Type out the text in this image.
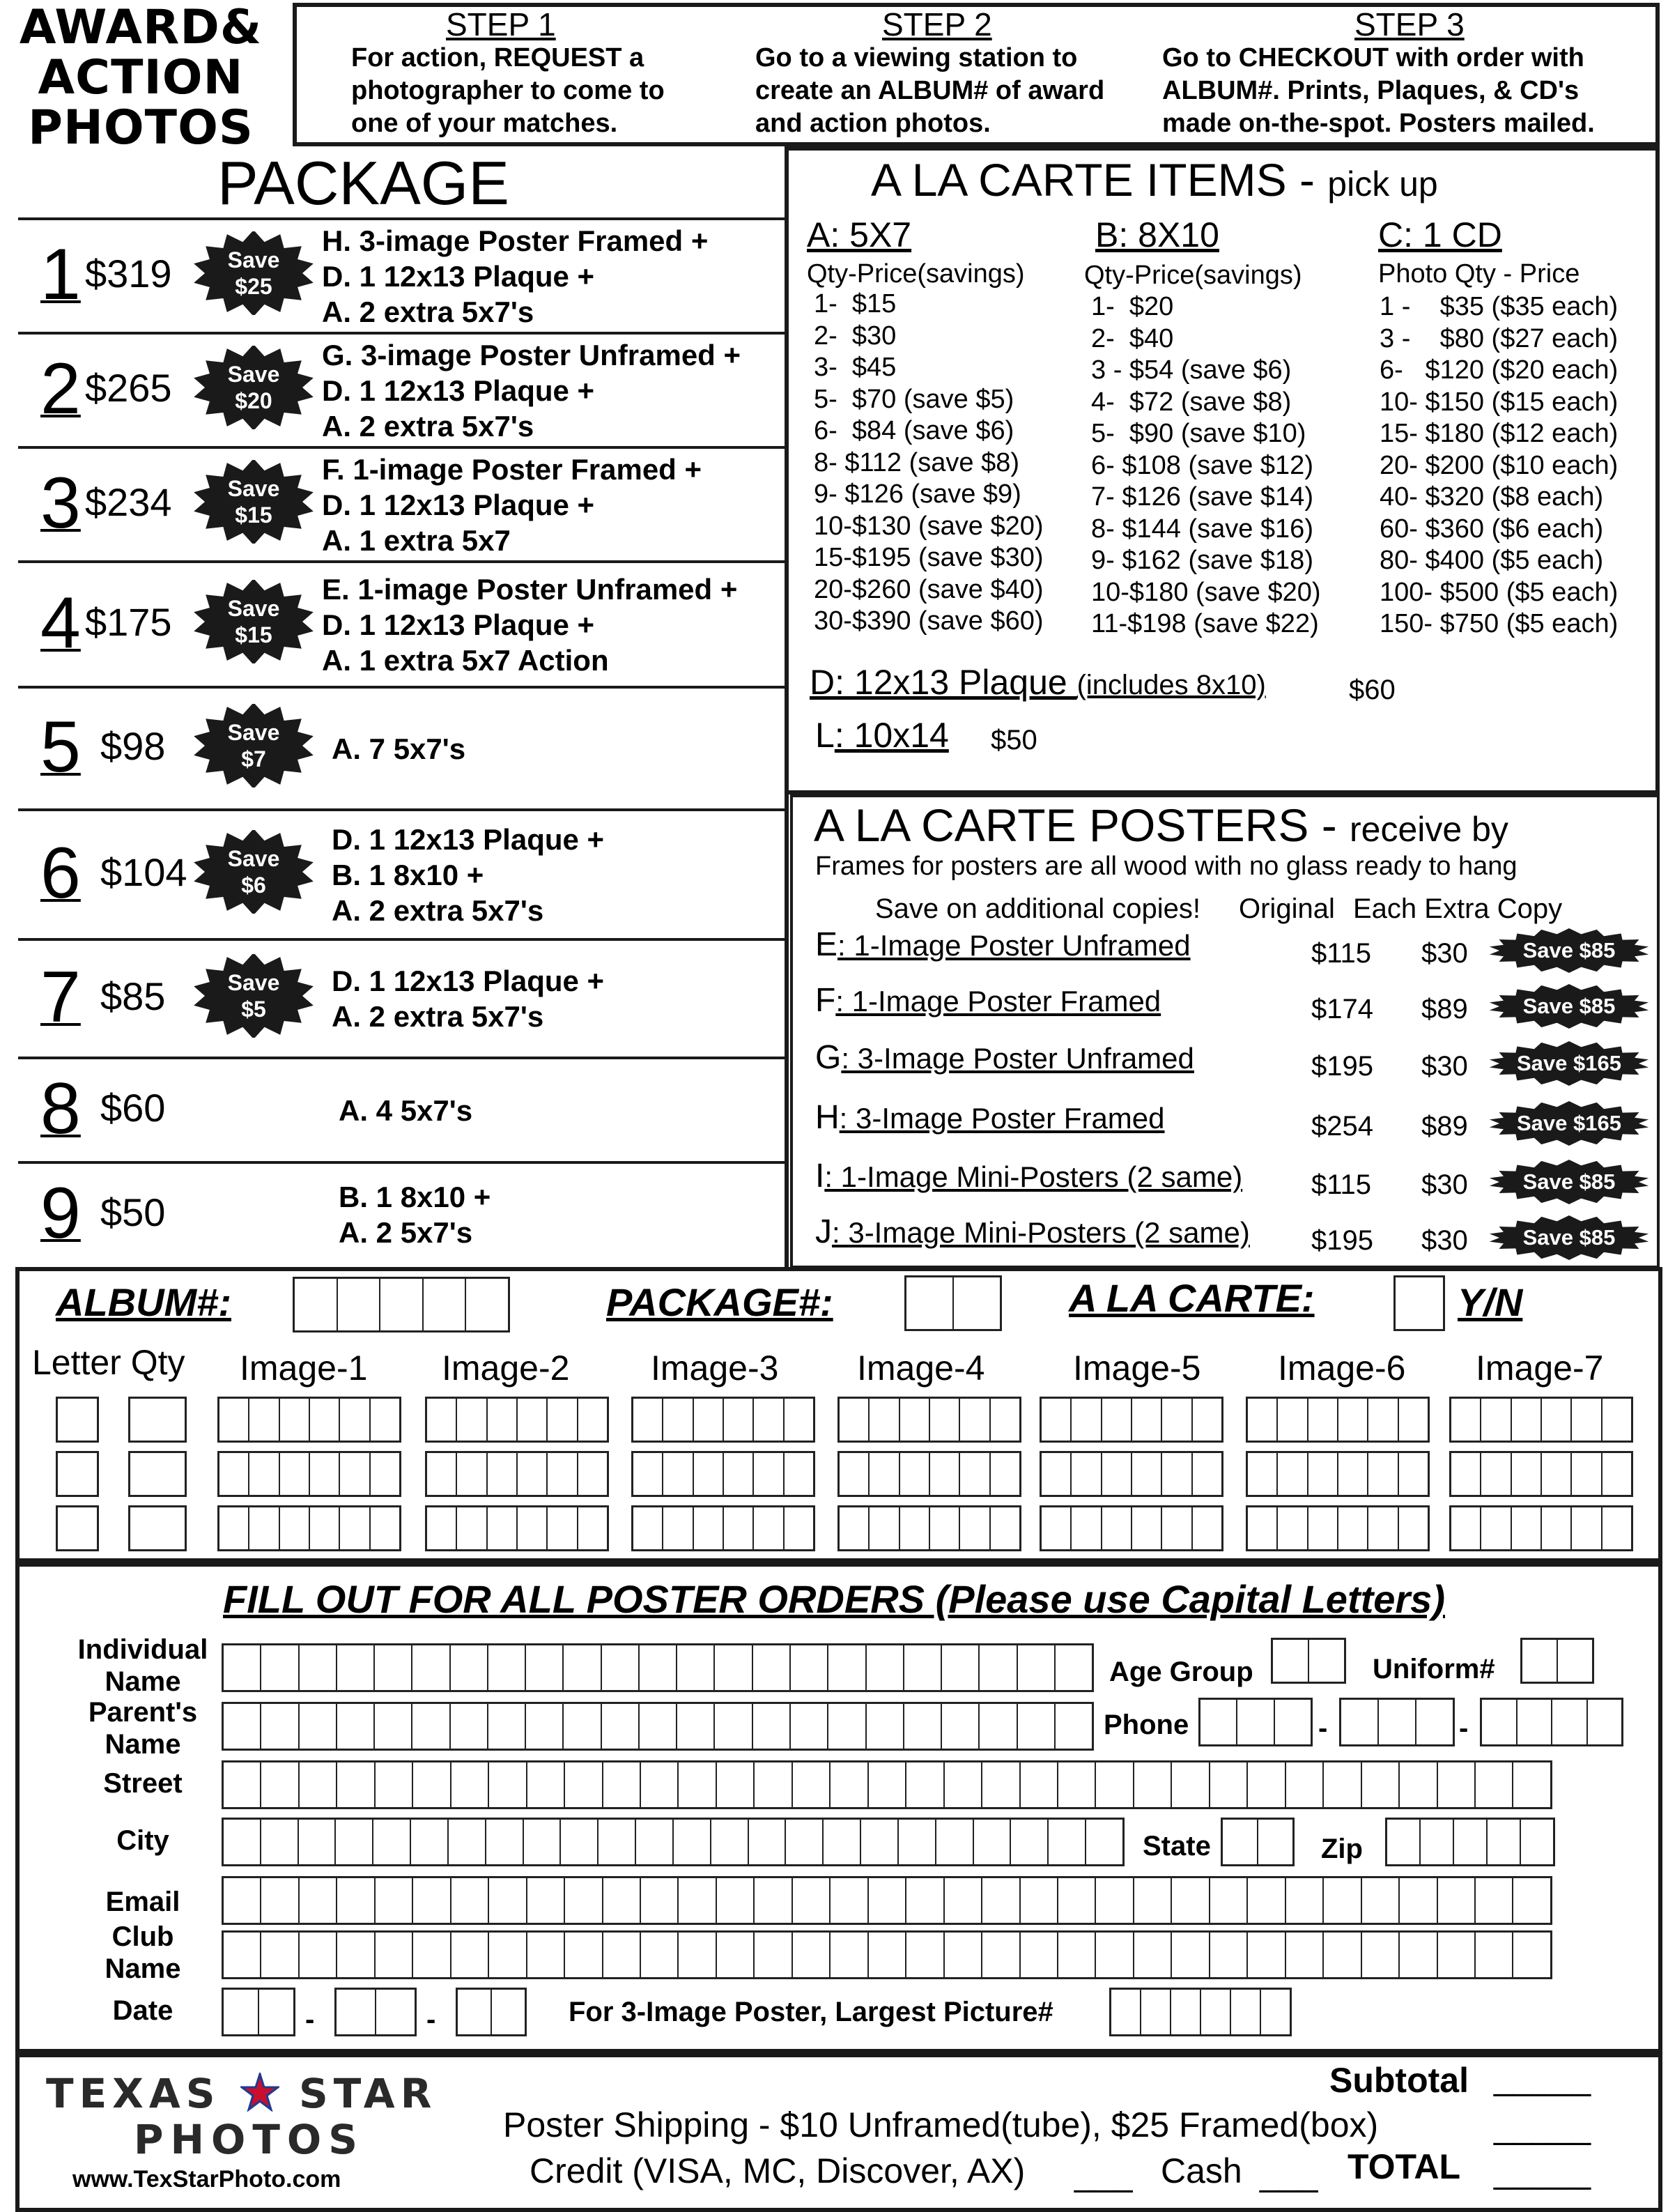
AWARD&
ACTION
PHOTOS
STEP 1
For action, REQUEST a
photographer to come to
one of your matches.
STEP 2
Go to a viewing station to
create an ALBUM# of award
and action photos.
STEP 3
Go to CHECKOUT with order with
ALBUM#. Prints, Plaques, & CD's
made on-the-spot. Posters mailed.
PACKAGE
1 $319	Save
$25
H. 3-image Poster Framed +
D. 1 12x13 Plaque +
A. 2 extra 5x7's
2 $265	Save
$20
G. 3-image Poster Unframed +
D. 1 12x13 Plaque +
A. 2 extra 5x7's
3 $234	Save
$15
F. 1-image Poster Framed +
D. 1 12x13 Plaque +
A. 1 extra 5x7
4 $175	Save
$15
E. 1-image Poster Unframed +
D. 1 12x13 Plaque +
A. 1 extra 5x7 Action
5 $98	Save
$7 A. 7 5x7's
6 $104 Save
$6
D. 1 12x13 Plaque +
B. 1 8x10 +
A. 2 extra 5x7's
7 $85	Save
$5
D. 1 12x13 Plaque +
A. 2 extra 5x7's
8 $60	A. 4 5x7's
9 $50	B. 1 8x10 +
A. 2 5x7's
A LA CARTE ITEMS - pick up
A: 5X7
Qty-Price(savings)
1-  $15
2-  $30
3-  $45
5-  $70 (save $5)
6-  $84 (save $6)
8- $112 (save $8)
9- $126 (save $9)
10-$130 (save $20)
15-$195 (save $30)
20-$260 (save $40)
30-$390 (save $60)
B: 8X10
Qty-Price(savings)
1-  $20
2-  $40
3 - $54 (save $6)
4-  $72 (save $8)
5-  $90 (save $10)
6- $108 (save $12)
7- $126 (save $14)
8- $144 (save $16)
9- $162 (save $18)
10-$180 (save $20)
11-$198 (save $22)
C: 1 CD
Photo Qty - Price
1 -    $35 ($35 each)
3 -    $80 ($27 each)
6-   $120 ($20 each)
10- $150 ($15 each)
15- $180 ($12 each)
20- $200 ($10 each)
40- $320 ($8 each)
60- $360 ($6 each)
80- $400 ($5 each)
100- $500 ($5 each)
150- $750 ($5 each)
D: 12x13 Plaque (includes 8x10)	$60
L: 10x14 $50
A LA CARTE POSTERS - receive by
Frames for posters are all wood with no glass ready to hang
Save on additional copies! Original Each Extra Copy
E: 1-Image Poster Unframed	$115 $30	Save $85
F: 1-Image Poster Framed	$174 $89	Save $85
G: 3-Image Poster Unframed	$195 $30	Save $165
H: 3-Image Poster Framed	$254 $89	Save $165
I: 1-Image Mini-Posters (2 same) $115 $30	Save $85
J: 3-Image Mini-Posters (2 same) $195 $30	Save $85
ALBUM#:	PACKAGE#:	A LA CARTE:	Y/N
Letter Qty Image-1 Image-2 Image-3 Image-4	Image-5 Image-6 Image-7
FILL OUT FOR ALL POSTER ORDERS (Please use Capital Letters)
Individual
Name	Age Group	Uniform#
Parent's
Name
Phone	-	-
Street
City	State	Zip
Email
Club
Name
Date	-	-	For 3-Image Poster, Largest Picture#
TEXAS STAR
PHOTOS
www.TexStarPhoto.com
Subtotal _____
Poster Shipping - $10 Unframed(tube), $25 Framed(box)	_____
Credit (VISA, MC, Discover, AX) ___ Cash ___ TOTAL _____
